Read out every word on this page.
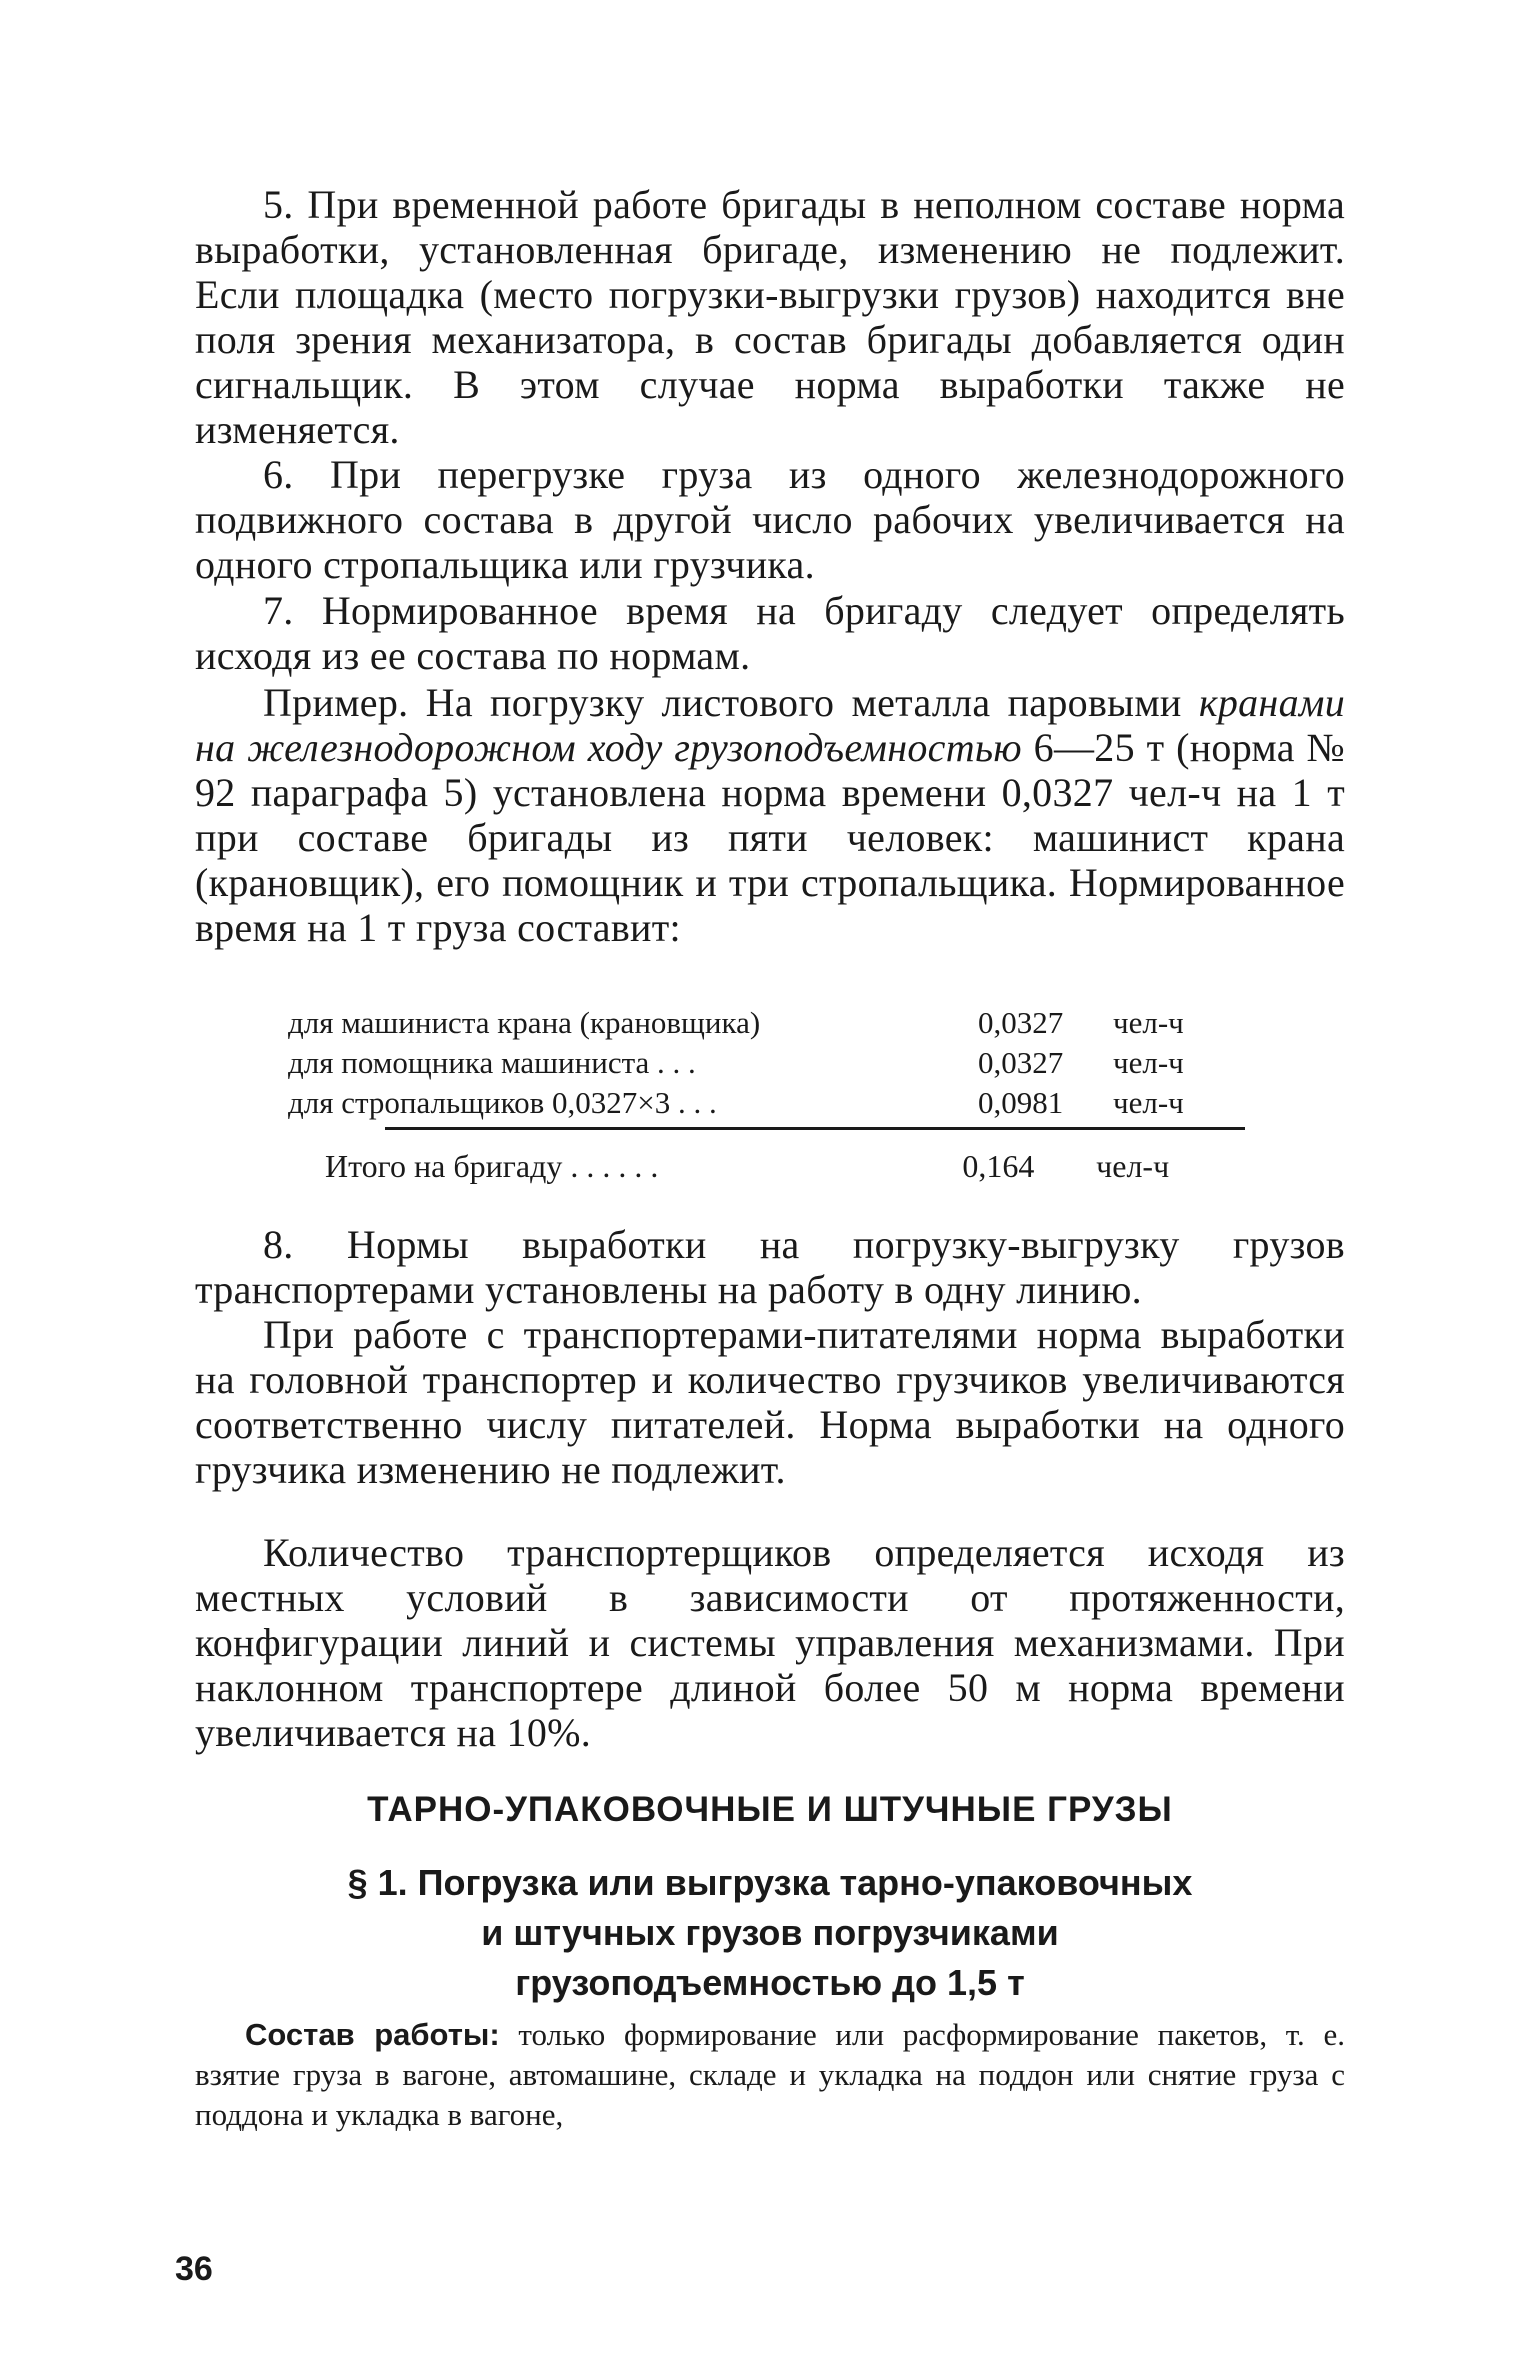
5. При временной работе бригады в неполном составе норма выработки, установленная бригаде, изменению не подлежит. Если площадка (место погрузки-выгрузки грузов) находится вне поля зрения механизатора, в состав бригады добавляется один сигнальщик. В этом случае норма выработки также не изменяется.

6. При перегрузке груза из одного железнодорожного подвижного состава в другой число рабочих увеличивается на одного стропальщика или грузчика.

7. Нормированное время на бригаду следует определять исходя из ее состава по нормам.

Пример. На погрузку листового металла паровыми кранами на железнодорожном ходу грузоподъемностью 6—25 т (норма № 92 параграфа 5) установлена норма времени 0,0327 чел-ч на 1 т при составе бригады из пяти человек: машинист крана (крановщик), его помощник и три стропальщика. Нормированное время на 1 т груза составит:

для машиниста крана (крановщика)	0,0327	чел-ч
для помощника машиниста . . .	0,0327	чел-ч
для стропальщиков 0,0327×3 . . .	0,0981	чел-ч
Итого на бригаду . . . . . .	0,164	чел-ч

8. Нормы выработки на погрузку-выгрузку грузов транспортерами установлены на работу в одну линию.

При работе с транспортерами-питателями норма выработки на головной транспортер и количество грузчиков увеличиваются соответственно числу питателей. Норма выработки на одного грузчика изменению не подлежит.

Количество транспортерщиков определяется исходя из местных условий в зависимости от протяженности, конфигурации линий и системы управления механизмами. При наклонном транспортере длиной более 50 м норма времени увеличивается на 10%.

ТАРНО-УПАКОВОЧНЫЕ И ШТУЧНЫЕ ГРУЗЫ
§ 1. Погрузка или выгрузка тарно-упаковочных
и штучных грузов погрузчиками
грузоподъемностью до 1,5 т

Состав работы: только формирование или расформирование пакетов, т. е. взятие груза в вагоне, автомашине, складе и укладка на поддон или снятие груза с поддона и укладка в вагоне,

36
